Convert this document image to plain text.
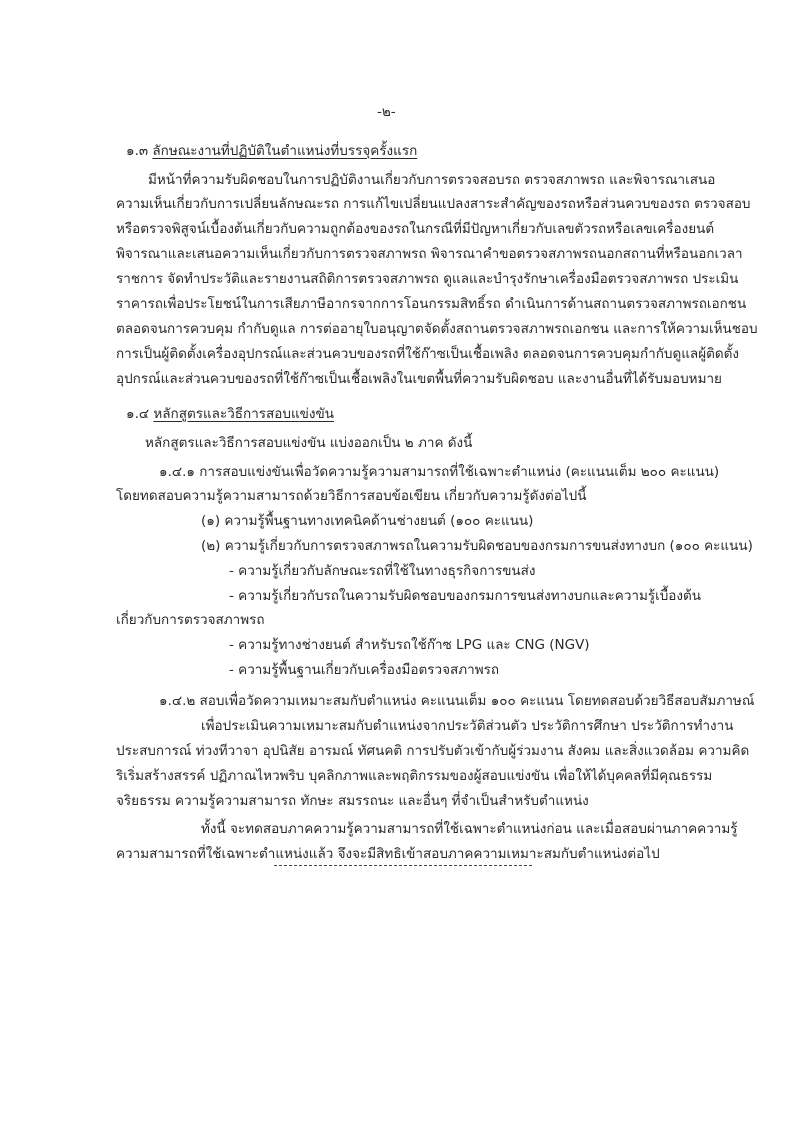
-๒-
๑.๓ ลักษณะงานที่ปฏิบัติในตำแหน่งที่บรรจุครั้งแรก
มีหน้าที่ความรับผิดชอบในการปฏิบัติงานเกี่ยวกับการตรวจสอบรถ ตรวจสภาพรถ และพิจารณาเสนอ
ความเห็นเกี่ยวกับการเปลี่ยนลักษณะรถ การแก้ไขเปลี่ยนแปลงสาระสำคัญของรถหรือส่วนควบของรถ ตรวจสอบ
หรือตรวจพิสูจน์เบื้องต้นเกี่ยวกับความถูกต้องของรถในกรณีที่มีปัญหาเกี่ยวกับเลขตัวรถหรือเลขเครื่องยนต์
พิจารณาและเสนอความเห็นเกี่ยวกับการตรวจสภาพรถ พิจารณาคำขอตรวจสภาพรถนอกสถานที่หรือนอกเวลา
ราชการ จัดทำประวัติและรายงานสถิติการตรวจสภาพรถ ดูแลและบำรุงรักษาเครื่องมือตรวจสภาพรถ ประเมิน
ราคารถเพื่อประโยชน์ในการเสียภาษีอากรจากการโอนกรรมสิทธิ์รถ ดำเนินการด้านสถานตรวจสภาพรถเอกชน
ตลอดจนการควบคุม กำกับดูแล การต่ออายุใบอนุญาตจัดตั้งสถานตรวจสภาพรถเอกชน และการให้ความเห็นชอบ
การเป็นผู้ติดตั้งเครื่องอุปกรณ์และส่วนควบของรถที่ใช้ก๊าซเป็นเชื้อเพลิง ตลอดจนการควบคุมกำกับดูแลผู้ติดตั้ง
อุปกรณ์และส่วนควบของรถที่ใช้ก๊าซเป็นเชื้อเพลิงในเขตพื้นที่ความรับผิดชอบ และงานอื่นที่ได้รับมอบหมาย
๑.๔ หลักสูตรและวิธีการสอบแข่งขัน
หลักสูตรและวิธีการสอบแข่งขัน แบ่งออกเป็น ๒ ภาค ดังนี้
๑.๔.๑ การสอบแข่งขันเพื่อวัดความรู้ความสามารถที่ใช้เฉพาะตำแหน่ง (คะแนนเต็ม ๒๐๐ คะแนน)
โดยทดสอบความรู้ความสามารถด้วยวิธีการสอบข้อเขียน เกี่ยวกับความรู้ดังต่อไปนี้
(๑) ความรู้พื้นฐานทางเทคนิคด้านช่างยนต์ (๑๐๐ คะแนน)
(๒) ความรู้เกี่ยวกับการตรวจสภาพรถในความรับผิดชอบของกรมการขนส่งทางบก (๑๐๐ คะแนน)
- ความรู้เกี่ยวกับลักษณะรถที่ใช้ในทางธุรกิจการขนส่ง
- ความรู้เกี่ยวกับรถในความรับผิดชอบของกรมการขนส่งทางบกและความรู้เบื้องต้น
เกี่ยวกับการตรวจสภาพรถ
- ความรู้ทางช่างยนต์ สำหรับรถใช้ก๊าซ LPG และ CNG (NGV)
- ความรู้พื้นฐานเกี่ยวกับเครื่องมือตรวจสภาพรถ
๑.๔.๒ สอบเพื่อวัดความเหมาะสมกับตำแหน่ง คะแนนเต็ม ๑๐๐ คะแนน โดยทดสอบด้วยวิธีสอบสัมภาษณ์
เพื่อประเมินความเหมาะสมกับตำแหน่งจากประวัติส่วนตัว ประวัติการศึกษา ประวัติการทำงาน
ประสบการณ์ ท่วงทีวาจา อุปนิสัย อารมณ์ ทัศนคติ การปรับตัวเข้ากับผู้ร่วมงาน สังคม และสิ่งแวดล้อม ความคิด
ริเริ่มสร้างสรรค์ ปฏิภาณไหวพริบ บุคลิกภาพและพฤติกรรมของผู้สอบแข่งขัน เพื่อให้ได้บุคคลที่มีคุณธรรม
จริยธรรม ความรู้ความสามารถ ทักษะ สมรรถนะ และอื่นๆ ที่จำเป็นสำหรับตำแหน่ง
ทั้งนี้ จะทดสอบภาคความรู้ความสามารถที่ใช้เฉพาะตำแหน่งก่อน และเมื่อสอบผ่านภาคความรู้
ความสามารถที่ใช้เฉพาะตำแหน่งแล้ว จึงจะมีสิทธิเข้าสอบภาคความเหมาะสมกับตำแหน่งต่อไป
